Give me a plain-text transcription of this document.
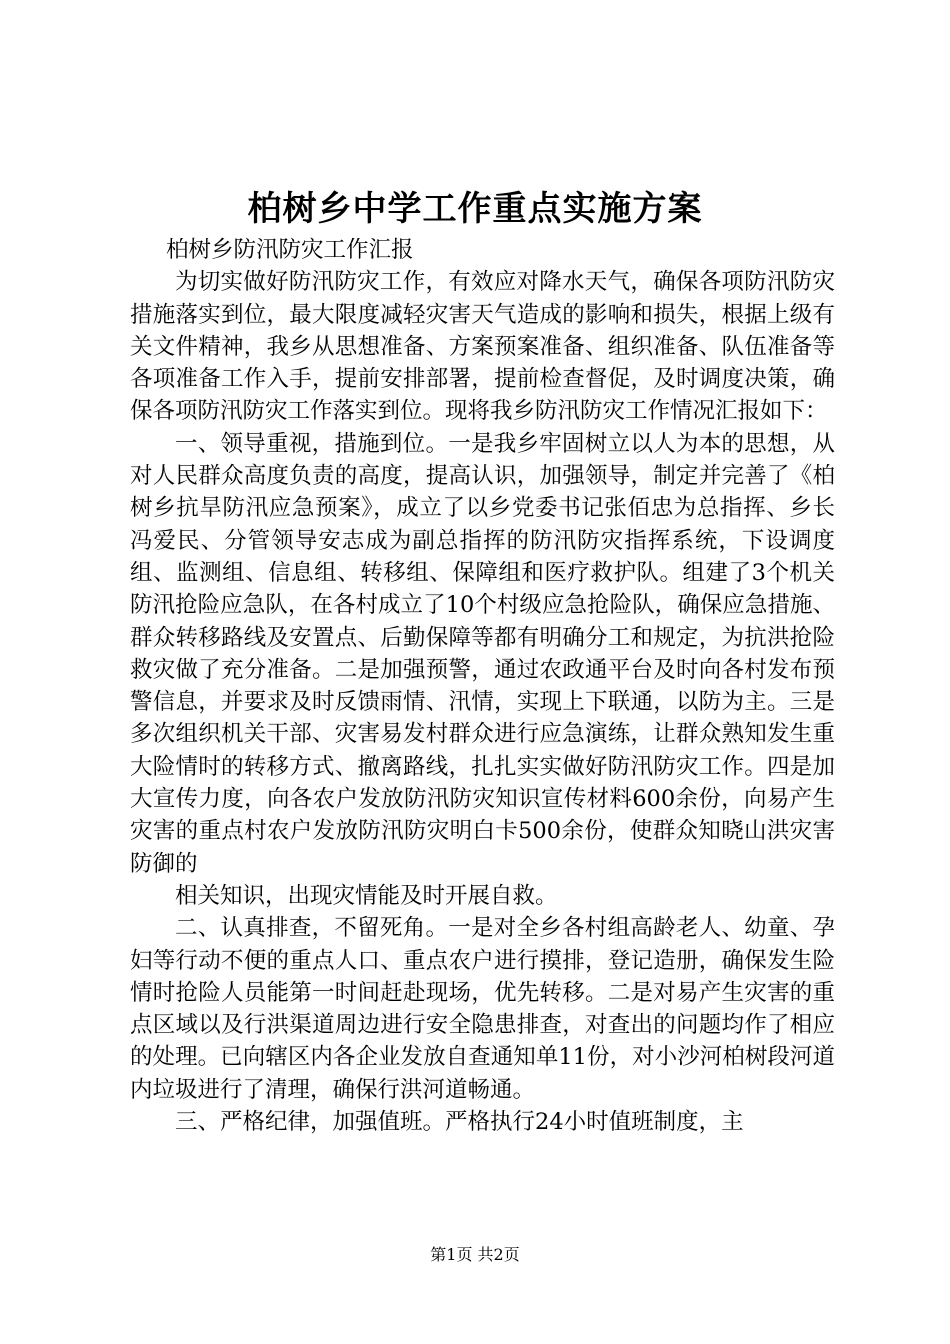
柏树乡中学工作重点实施方案

柏树乡防汛防灾工作汇报

为切实做好防汛防灾工作，有效应对降水天气，确保各项防汛防灾措施落实到位，最大限度减轻灾害天气造成的影响和损失，根据上级有关文件精神，我乡从思想准备、方案预案准备、组织准备、队伍准备等各项准备工作入手，提前安排部署，提前检查督促，及时调度决策，确保各项防汛防灾工作落实到位。现将我乡防汛防灾工作情况汇报如下：

一、领导重视，措施到位。一是我乡牢固树立以人为本的思想，从对人民群众高度负责的高度，提高认识，加强领导，制定并完善了《柏树乡抗旱防汛应急预案》，成立了以乡党委书记张佰忠为总指挥、乡长冯爱民、分管领导安志成为副总指挥的防汛防灾指挥系统，下设调度组、监测组、信息组、转移组、保障组和医疗救护队。组建了3个机关防汛抢险应急队，在各村成立了10个村级应急抢险队，确保应急措施、群众转移路线及安置点、后勤保障等都有明确分工和规定，为抗洪抢险救灾做了充分准备。二是加强预警，通过农政通平台及时向各村发布预警信息，并要求及时反馈雨情、汛情，实现上下联通，以防为主。三是多次组织机关干部、灾害易发村群众进行应急演练，让群众熟知发生重大险情时的转移方式、撤离路线，扎扎实实做好防汛防灾工作。四是加大宣传力度，向各农户发放防汛防灾知识宣传材料600余份，向易产生灾害的重点村农户发放防汛防灾明白卡500余份，使群众知晓山洪灾害防御的

相关知识，出现灾情能及时开展自救。

二、认真排查，不留死角。一是对全乡各村组高龄老人、幼童、孕妇等行动不便的重点人口、重点农户进行摸排，登记造册，确保发生险情时抢险人员能第一时间赶赴现场，优先转移。二是对易产生灾害的重点区域以及行洪渠道周边进行安全隐患排查，对查出的问题均作了相应的处理。已向辖区内各企业发放自查通知单11份，对小沙河柏树段河道内垃圾进行了清理，确保行洪河道畅通。

三、严格纪律，加强值班。严格执行24小时值班制度，主

第1页 共2页
